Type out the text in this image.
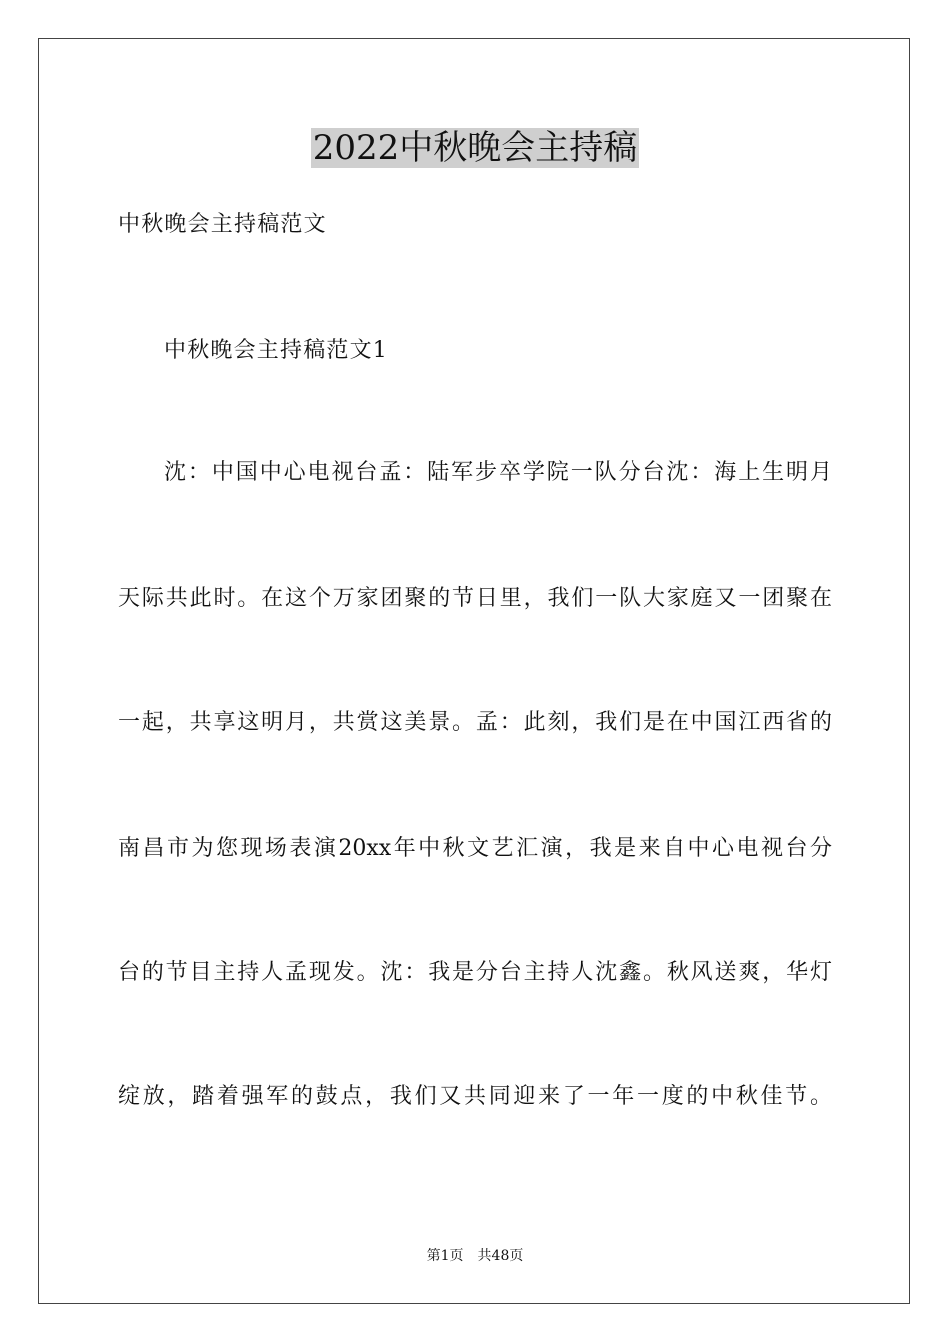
2022中秋晚会主持稿

中秋晚会主持稿范文

中秋晚会主持稿范文1

沈：中国中心电视台孟：陆军步卒学院一队分台沈：海上生明月

天际共此时。在这个万家团聚的节日里，我们一队大家庭又一团聚在

一起，共享这明月，共赏这美景。孟：此刻，我们是在中国江西省的

南昌市为您现场表演20xx年中秋文艺汇演，我是来自中心电视台分

台的节目主持人孟现发。沈：我是分台主持人沈鑫。秋风送爽，华灯

绽放，踏着强军的鼓点，我们又共同迎来了一年一度的中秋佳节。

第1页 共48页
